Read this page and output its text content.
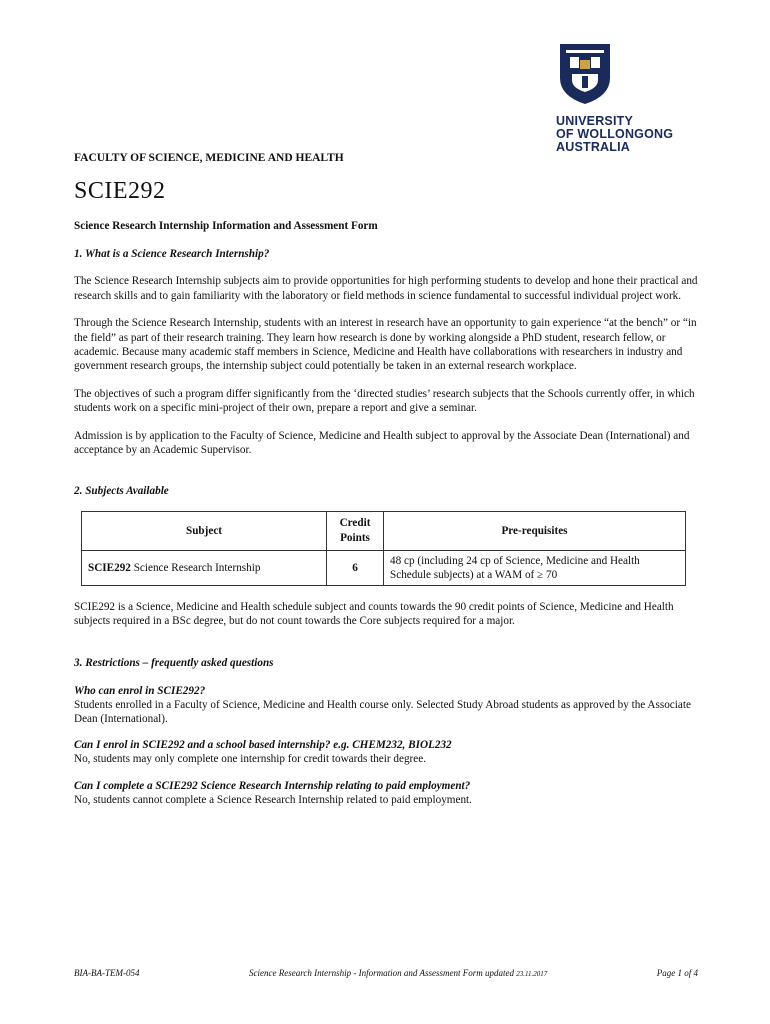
UNIVERSITY
OF WOLLONGONG
AUSTRALIA
FACULTY OF SCIENCE, MEDICINE AND HEALTH
SCIE292

Science Research Internship Information and Assessment Form

1. What is a Science Research Internship?

The Science Research Internship subjects aim to provide opportunities for high performing students to develop and hone their practical and research skills and to gain familiarity with the laboratory or field methods in science fundamental to successful individual project work.

Through the Science Research Internship, students with an interest in research have an opportunity to gain experience “at the bench” or “in the field” as part of their research training. They learn how research is done by working alongside a PhD student, research fellow, or academic. Because many academic staff members in Science, Medicine and Health have collaborations with researchers in industry and government research groups, the internship subject could potentially be taken in an external research workplace.

The objectives of such a program differ significantly from the ‘directed studies’ research subjects that the Schools currently offer, in which students work on a specific mini-project of their own, prepare a report and give a seminar.

Admission is by application to the Faculty of Science, Medicine and Health subject to approval by the Associate Dean (International) and acceptance by an Academic Supervisor.

2. Subjects Available

Subject	Credit Points	Pre-requisites
SCIE292 Science Research Internship	6	48 cp (including 24 cp of Science, Medicine and Health Schedule subjects) at a WAM of ≥ 70

SCIE292 is a Science, Medicine and Health schedule subject and counts towards the 90 credit points of Science, Medicine and Health subjects required in a BSc degree, but do not count towards the Core subjects required for a major.

3. Restrictions – frequently asked questions

Who can enrol in SCIE292?
Students enrolled in a Faculty of Science, Medicine and Health course only. Selected Study Abroad students as approved by the Associate Dean (International).

Can I enrol in SCIE292 and a school based internship? e.g. CHEM232, BIOL232
No, students may only complete one internship for credit towards their degree.

Can I complete a SCIE292 Science Research Internship relating to paid employment?
No, students cannot complete a Science Research Internship related to paid employment.

BIA-BA-TEM-054	Science Research Internship - Information and Assessment Form updated 23.11.2017	Page 1 of 4
